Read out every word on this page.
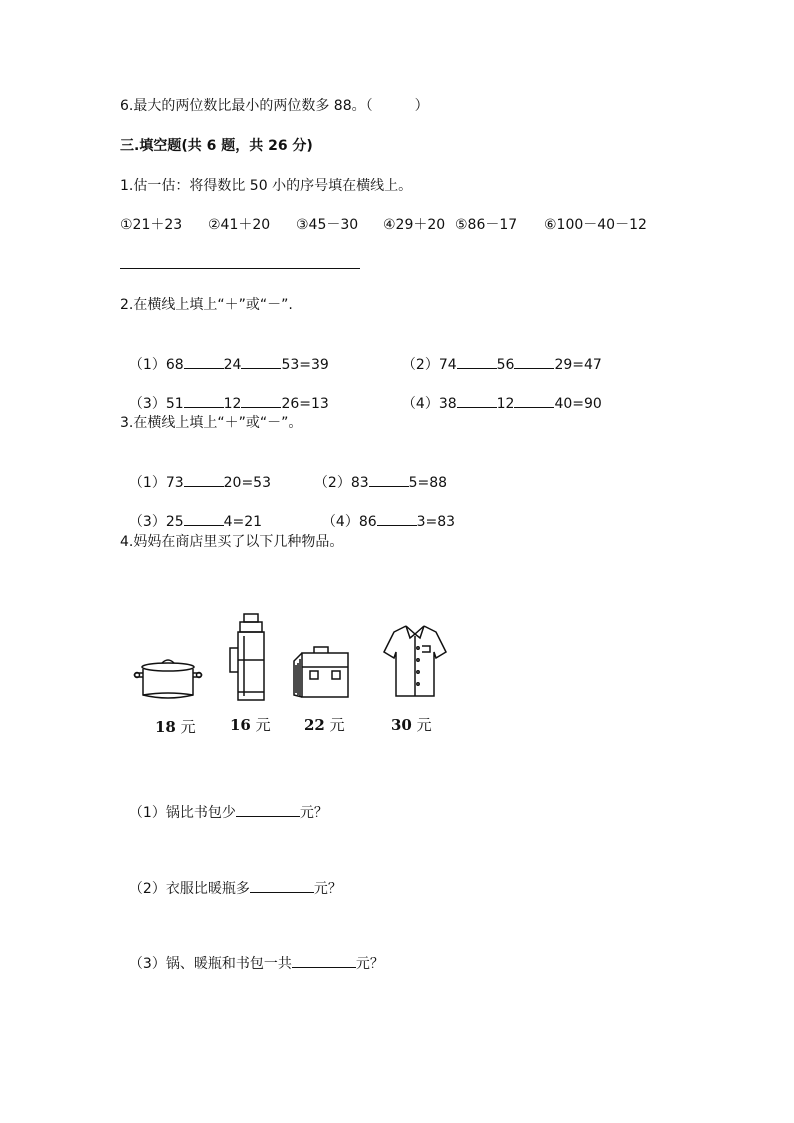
6.最大的两位数比最小的两位数多 88。（　　　）
三.填空题(共 6 题，共 26 分)
1.估一估：将得数比 50 小的序号填在横线上。
①21＋23 ②41＋20 ③45－30 ④29＋20 ⑤86－17 ⑥100－40－12
2.在横线上填上“＋”或“－”.

（1）68	24	53=39	（2）74	56	29=47

（3）51	12	26=13	（4）38	12	40=90

3.在横线上填上“＋”或“－”。

（1）73	20=53	（2）83	5=88

（3）25	4=21	（4）86	3=83

4.妈妈在商店里买了以下几种物品。
18 元 16 元 22 元	30 元

（1）锅比书包少	元？

（2）衣服比暖瓶多	元？

（3）锅、暖瓶和书包一共	元？
